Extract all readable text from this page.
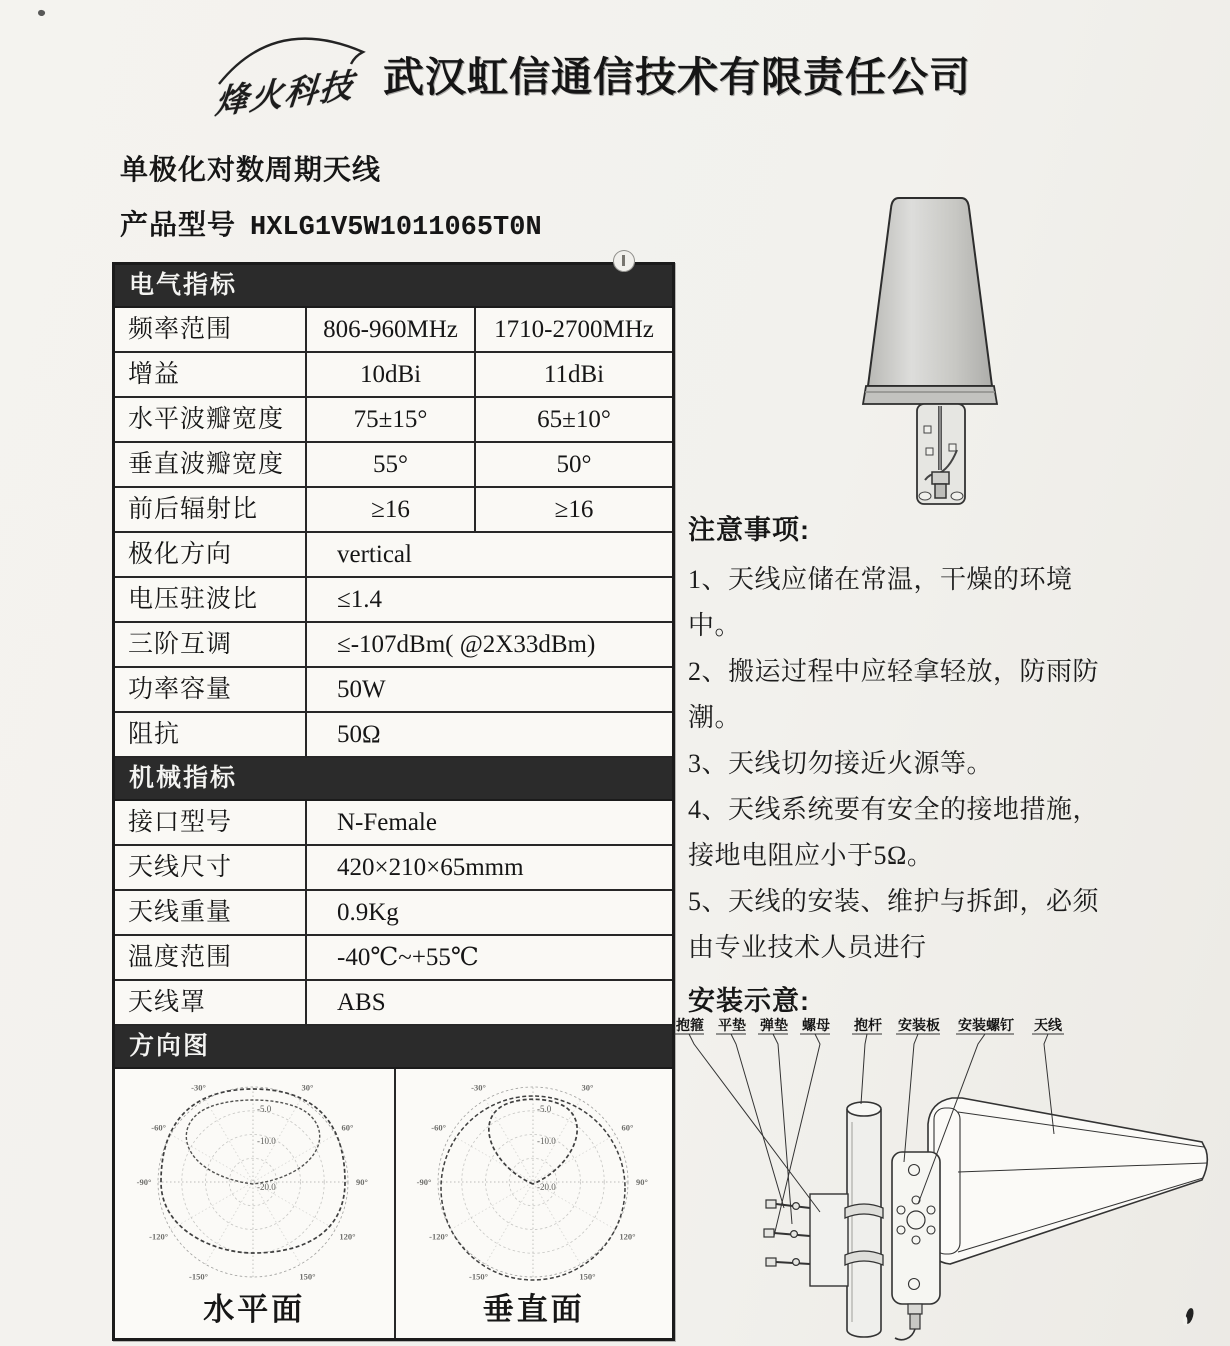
烽火科技 武汉虹信通信技术有限责任公司
单极化对数周期天线
产品型号 HXLG1V5W1011065T0N
电气指标
频率范围	806-960MHz	1710-2700MHz
增益	10dBi	11dBi
水平波瓣宽度	75±15°	65±10°
垂直波瓣宽度	55°	50°
前后辐射比	≥16	≥16
极化方向	vertical
电压驻波比	≤1.4
三阶互调	≤-107dBm( @2X33dBm)
功率容量	50W
阻抗	50Ω
机械指标
接口型号	N-Female
天线尺寸	420×210×65mmm
天线重量	0.9Kg
温度范围	-40℃~+55℃
天线罩	ABS
方向图
-30°	30°
-60°	60°
-90°	90°
-120°	120°
-150°	150°
-5.0
-10.0
-20.0
水平面
-30°	30°
-60°	60°
-90°	90°
-120°	120°
-150°	150°
-5.0
-10.0
-20.0
垂直面
注意事项:
1、天线应储在常温，干燥的环境中。
2、搬运过程中应轻拿轻放，防雨防潮。
3、天线切勿接近火源等。
4、天线系统要有安全的接地措施，接地电阻应小于5Ω。
5、天线的安装、维护与拆卸，必须由专业技术人员进行
安装示意:
抱箍 平垫 弹垫 螺母 抱杆 安装板 安装螺钉 天线
